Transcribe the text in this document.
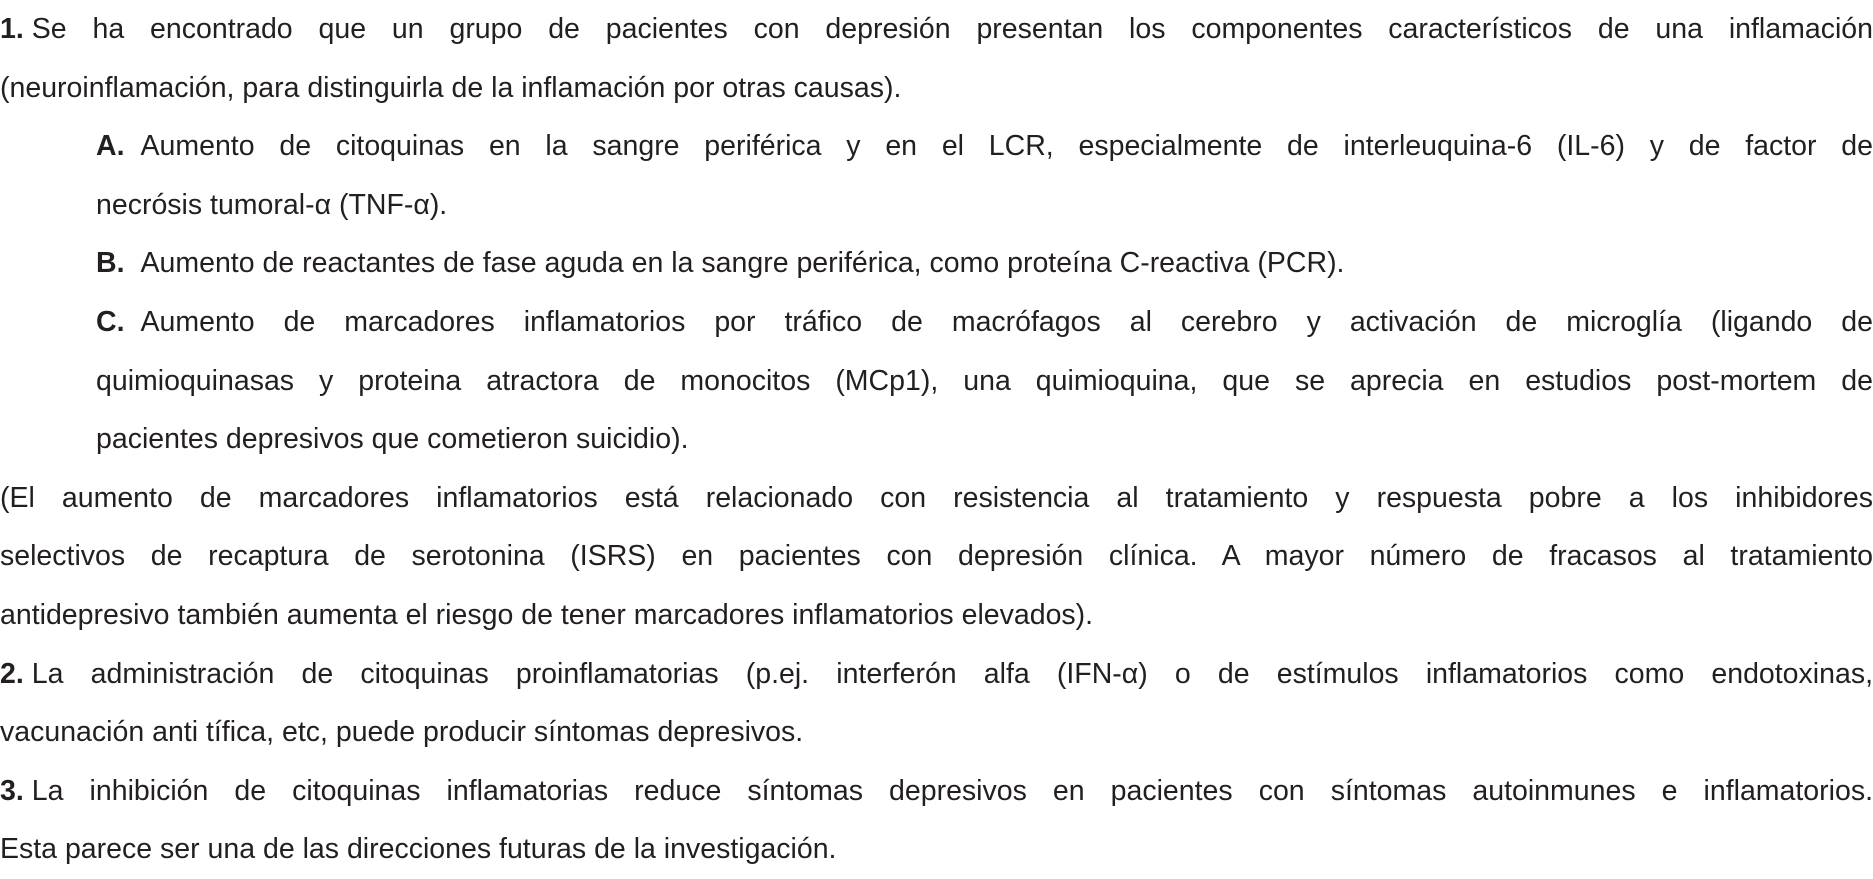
1. Se ha encontrado que un grupo de pacientes con depresión presentan los componentes característicos de una inflamación
(neuroinflamación, para distinguirla de la inflamación por otras causas).
A. Aumento de citoquinas en la sangre periférica y en el LCR, especialmente de interleuquina-6 (IL-6) y de factor de
necrósis tumoral-α (TNF-α).
B. Aumento de reactantes de fase aguda en la sangre periférica, como proteína C-reactiva (PCR).
C. Aumento de marcadores inflamatorios por tráfico de macrófagos al cerebro y activación de microglía (ligando de
quimioquinasas y proteina atractora de monocitos (MCp1), una quimioquina, que se aprecia en estudios post-mortem de
pacientes depresivos que cometieron suicidio).
(El aumento de marcadores inflamatorios está relacionado con resistencia al tratamiento y respuesta pobre a los inhibidores
selectivos de recaptura de serotonina (ISRS) en pacientes con depresión clínica. A mayor número de fracasos al tratamiento
antidepresivo también aumenta el riesgo de tener marcadores inflamatorios elevados).
2. La administración de citoquinas proinflamatorias (p.ej. interferón alfa (IFN-α) o de estímulos inflamatorios como endotoxinas,
vacunación anti tífica, etc, puede producir síntomas depresivos.
3. La inhibición de citoquinas inflamatorias reduce síntomas depresivos en pacientes con síntomas autoinmunes e inflamatorios.
Esta parece ser una de las direcciones futuras de la investigación.
